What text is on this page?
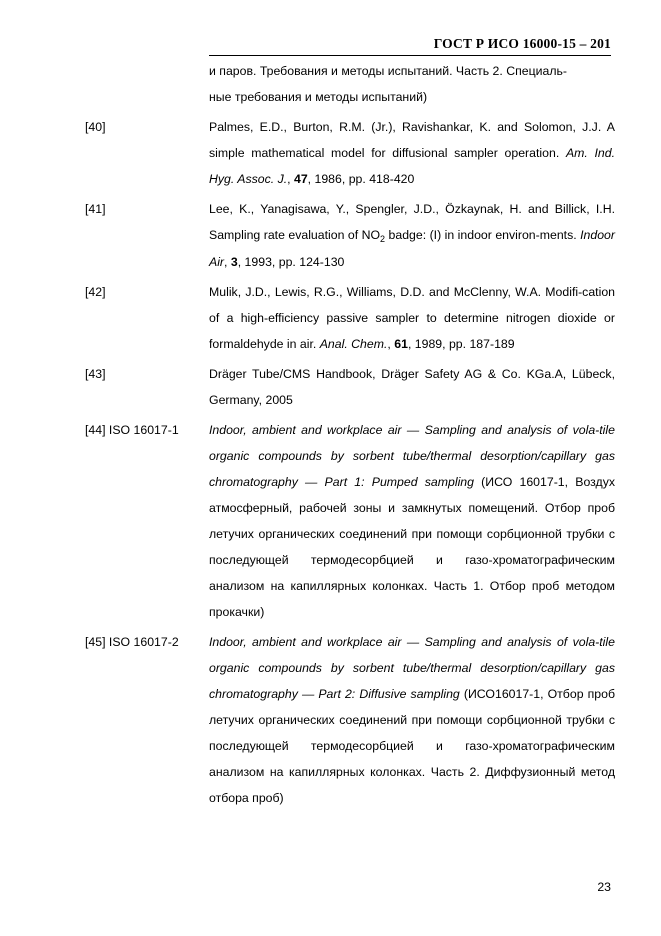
ГОСТ Р ИСО 16000-15 – 201

и паров. Требования и методы испытаний. Часть 2. Специаль-

ные требования и методы испытаний)

[40]	Palmes, E.D., Burton, R.M. (Jr.), Ravishankar, K. and Solomon, J.J. A simple mathematical model for diffusional sampler operation. Am. Ind. Hyg. Assoc. J., 47, 1986, pp. 418-420

[41]	Lee, K., Yanagisawa, Y., Spengler, J.D., Özkaynak, H. and Billick, I.H. Sampling rate evaluation of $NO_2$ badge: (I) in indoor environ-ments. Indoor Air, 3, 1993, pp. 124-130

[42]	Mulik, J.D., Lewis, R.G., Williams, D.D. and McClenny, W.A. Modifi-cation of a high-efficiency passive sampler to determine nitrogen dioxide or formaldehyde in air. Anal. Chem., 61, 1989, pp. 187-189

[43]	Dräger Tube/CMS Handbook, Dräger Safety AG & Co. KGa.A, Lübeck, Germany, 2005

[44] ISO 16017-1	Indoor, ambient and workplace air — Sampling and analysis of vola-tile organic compounds by sorbent tube/thermal desorption/capillary gas chromatography — Part 1: Pumped sampling (ИСО 16017-1, Воздух атмосферный, рабочей зоны и замкнутых помещений. Отбор проб летучих органических соединений при помощи сорбционной трубки с последующей термодесорбцией и газо-хроматографическим анализом на капиллярных колонках. Часть 1. Отбор проб методом прокачки)

[45] ISO 16017-2	Indoor, ambient and workplace air — Sampling and analysis of vola-tile organic compounds by sorbent tube/thermal desorption/capillary gas chromatography — Part 2: Diffusive sampling (ИСО16017-1, Отбор проб летучих органических соединений при помощи сорбционной трубки с последующей термодесорбцией и газо-хроматографическим анализом на капиллярных колонках. Часть 2. Диффузионный метод отбора проб)

23
